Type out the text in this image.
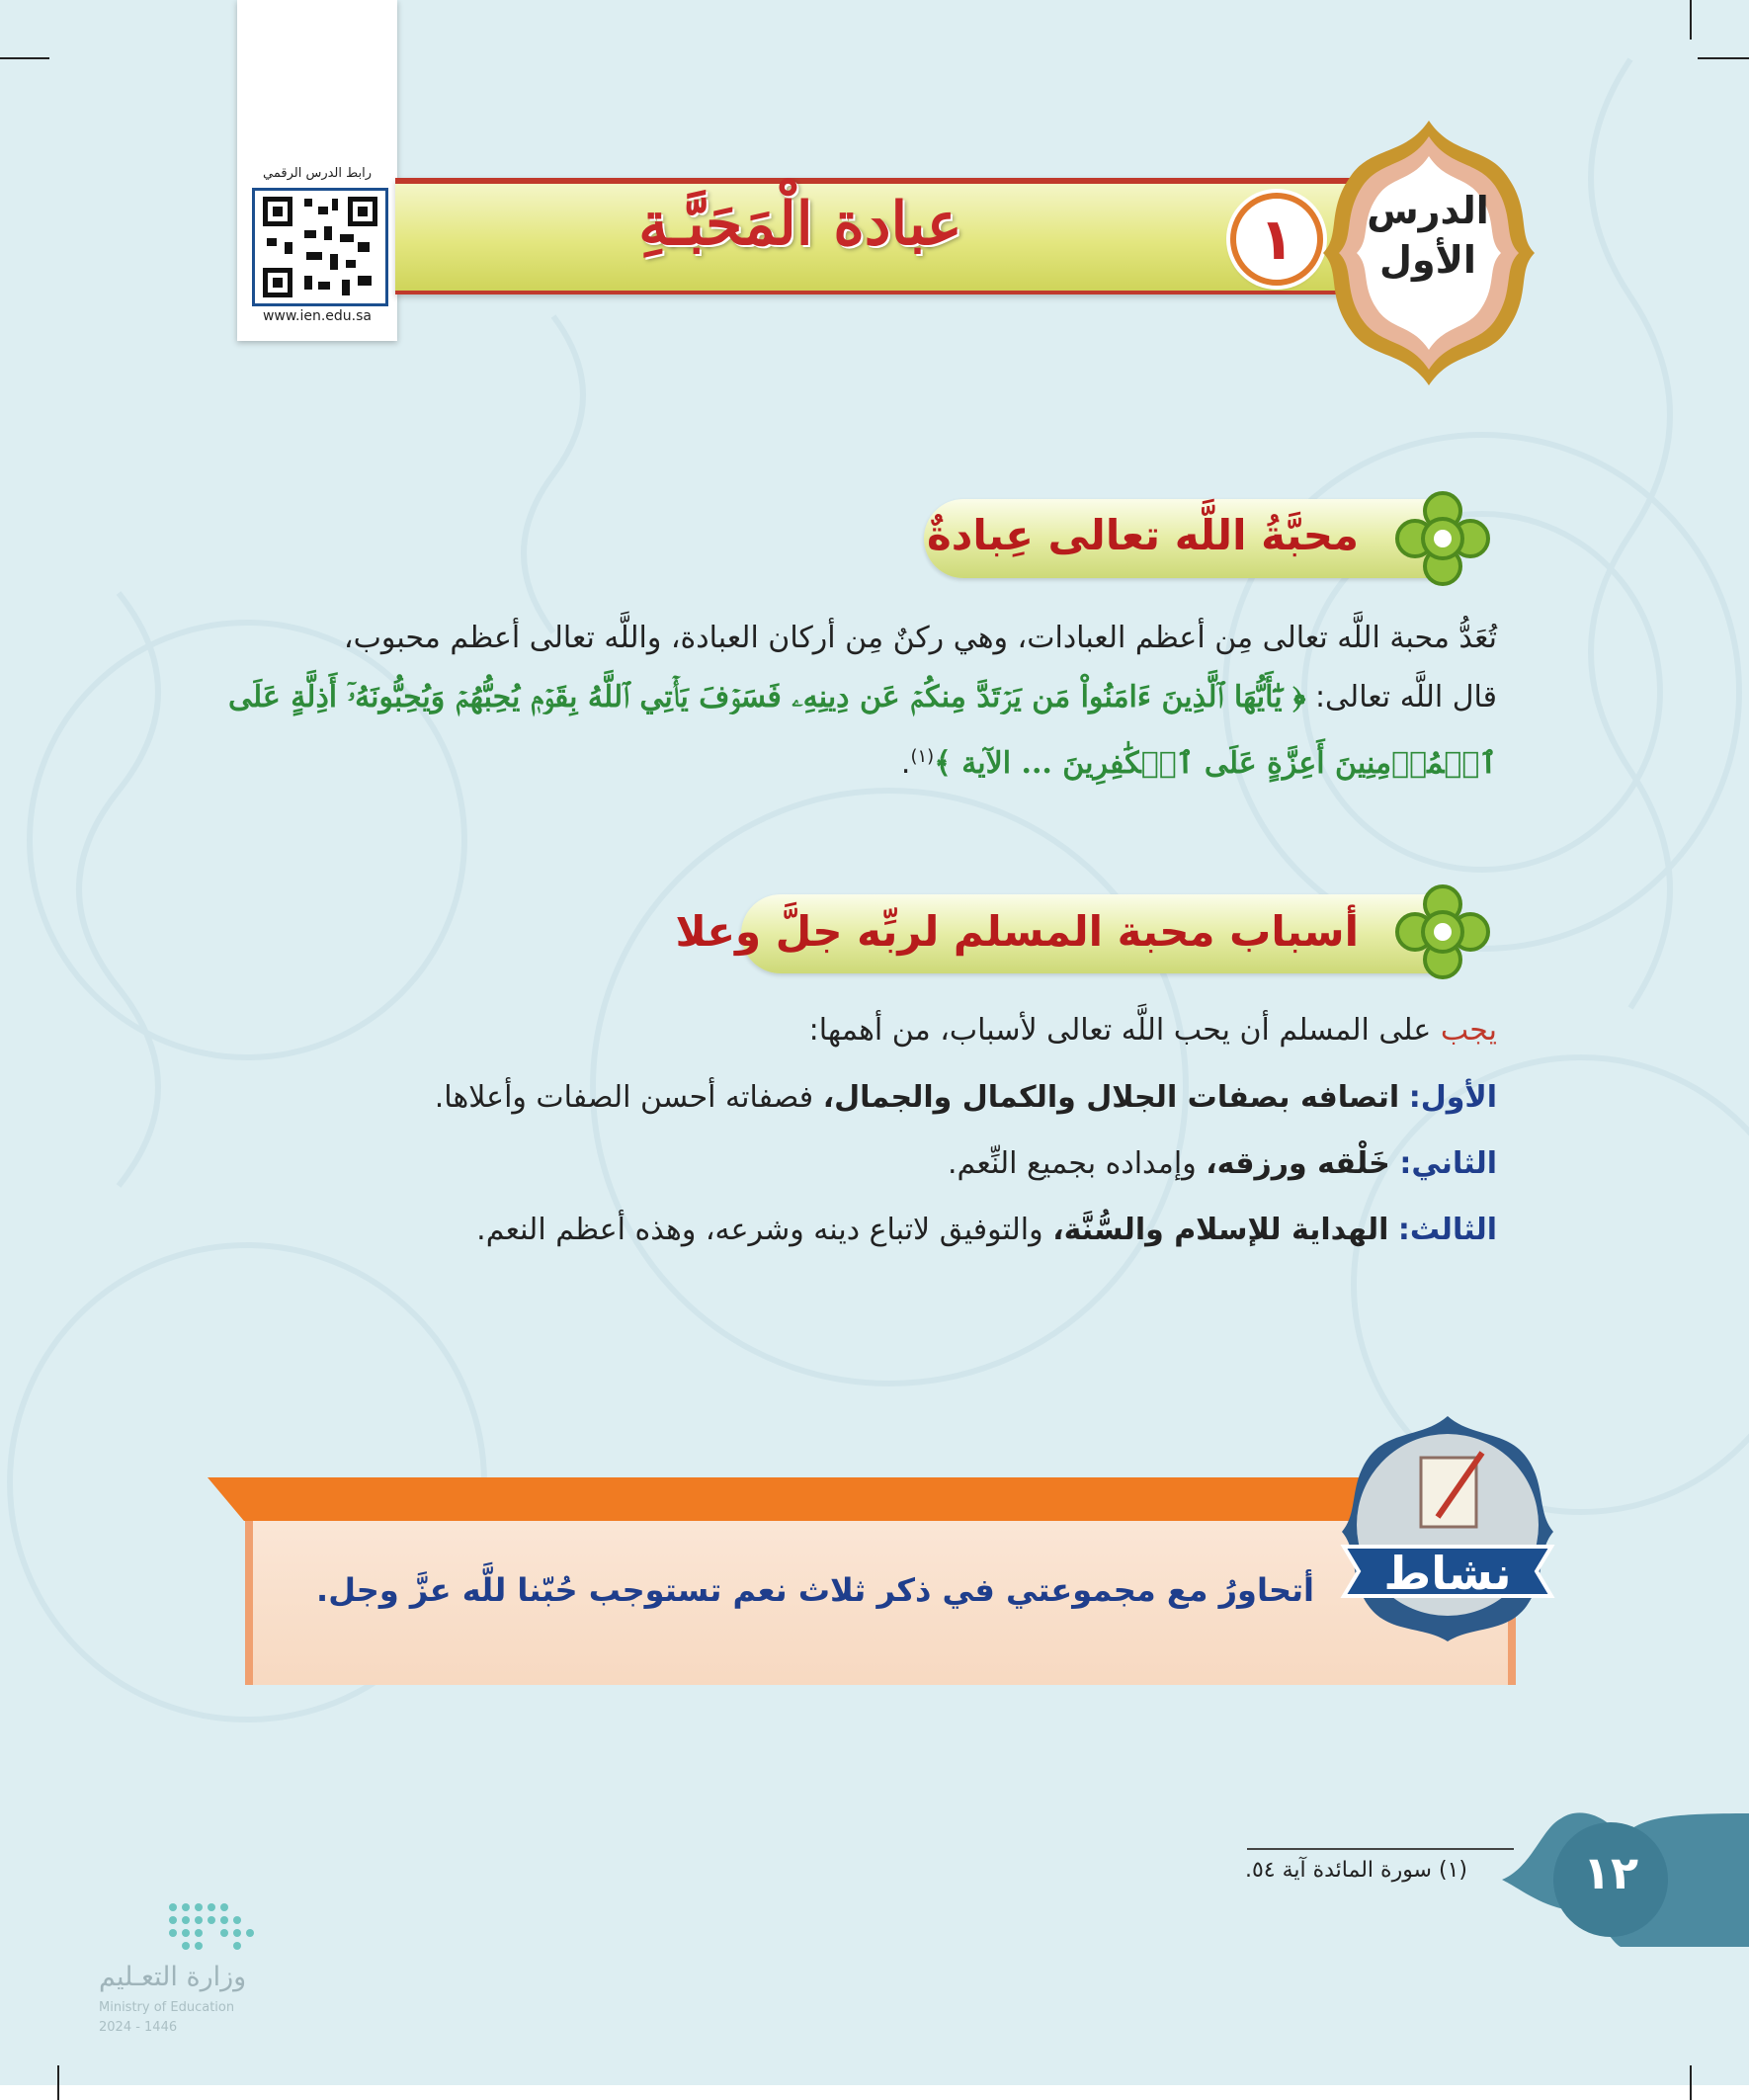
رابط الدرس الرقمي
www.ien.edu.sa
عبادة الْمَحَبَّـةِ	١	الدرس
الأول
محبَّةُ اللَّه تعالى عِبادةٌ
تُعَدُّ محبة اللَّه تعالى مِن أعظم العبادات، وهي ركنٌ مِن أركان العبادة، واللَّه تعالى أعظم محبوب،
قال اللَّه تعالى: ﴿ يَٰٓأَيُّهَا ٱلَّذِينَ ءَامَنُواْ مَن يَرۡتَدَّ مِنكُمۡ عَن دِينِهِۦ فَسَوۡفَ يَأۡتِي ٱللَّهُ بِقَوۡمٖ يُحِبُّهُمۡ وَيُحِبُّونَهُۥٓ أَذِلَّةٍ عَلَى
ٱلۡمُؤۡمِنِينَ أَعِزَّةٍ عَلَى ٱلۡكَٰفِرِينَ ... الآية ﴾$^{(١)}$.
أسباب محبة المسلم لربِّه جلَّ وعلا
يجب على المسلم أن يحب اللَّه تعالى لأسباب، من أهمها:
الأول: اتصافه بصفات الجلال والكمال والجمال، فصفاته أحسن الصفات وأعلاها.
الثاني: خَلْقه ورزقه، وإمداده بجميع النِّعم.
الثالث: الهداية للإسلام والسُّنَّة، والتوفيق لاتباع دينه وشرعه، وهذه أعظم النعم.
أتحاورُ مع مجموعتي في ذكر ثلاث نعم تستوجب حُبّنا للَّه عزَّ وجل.	نشاط
(١) سورة المائدة آية ٥٤.	١٢
وزارة التعـليم
Ministry of Education
2024 - 1446
